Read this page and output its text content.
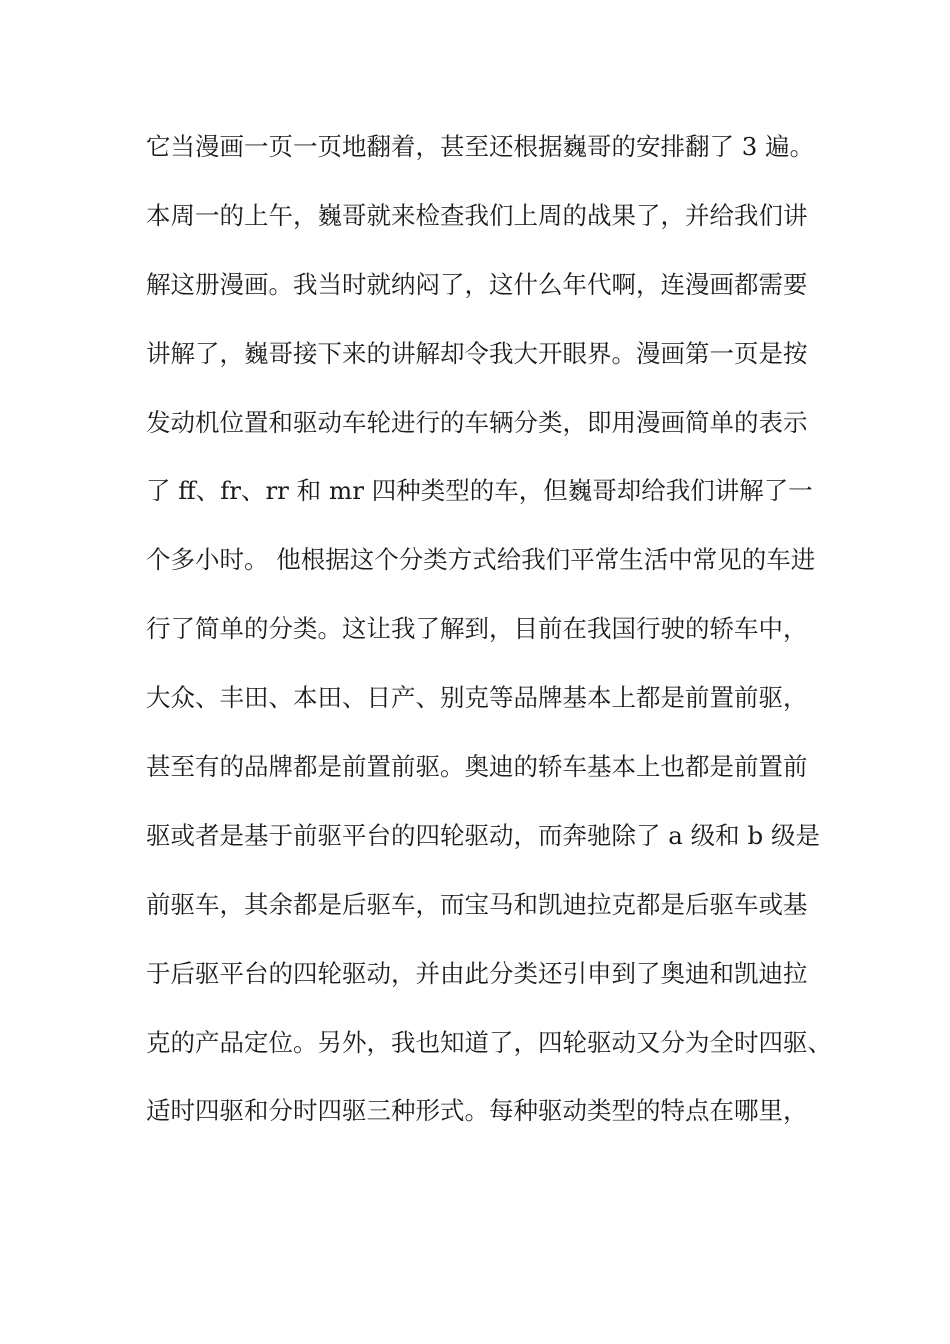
它当漫画一页一页地翻着，甚至还根据巍哥的安排翻了 3 遍。

本周一的上午，巍哥就来检查我们上周的战果了，并给我们讲

解这册漫画。我当时就纳闷了，这什么年代啊，连漫画都需要

讲解了，巍哥接下来的讲解却令我大开眼界。漫画第一页是按

发动机位置和驱动车轮进行的车辆分类，即用漫画简单的表示

了 ff、fr、rr 和 mr 四种类型的车，但巍哥却给我们讲解了一

个多小时。 他根据这个分类方式给我们平常生活中常见的车进

行了简单的分类。这让我了解到，目前在我国行驶的轿车中，

大众、丰田、本田、日产、别克等品牌基本上都是前置前驱，

甚至有的品牌都是前置前驱。奥迪的轿车基本上也都是前置前

驱或者是基于前驱平台的四轮驱动，而奔驰除了 a 级和 b 级是

前驱车，其余都是后驱车，而宝马和凯迪拉克都是后驱车或基

于后驱平台的四轮驱动，并由此分类还引申到了奥迪和凯迪拉

克的产品定位。另外，我也知道了，四轮驱动又分为全时四驱、

适时四驱和分时四驱三种形式。每种驱动类型的特点在哪里，
